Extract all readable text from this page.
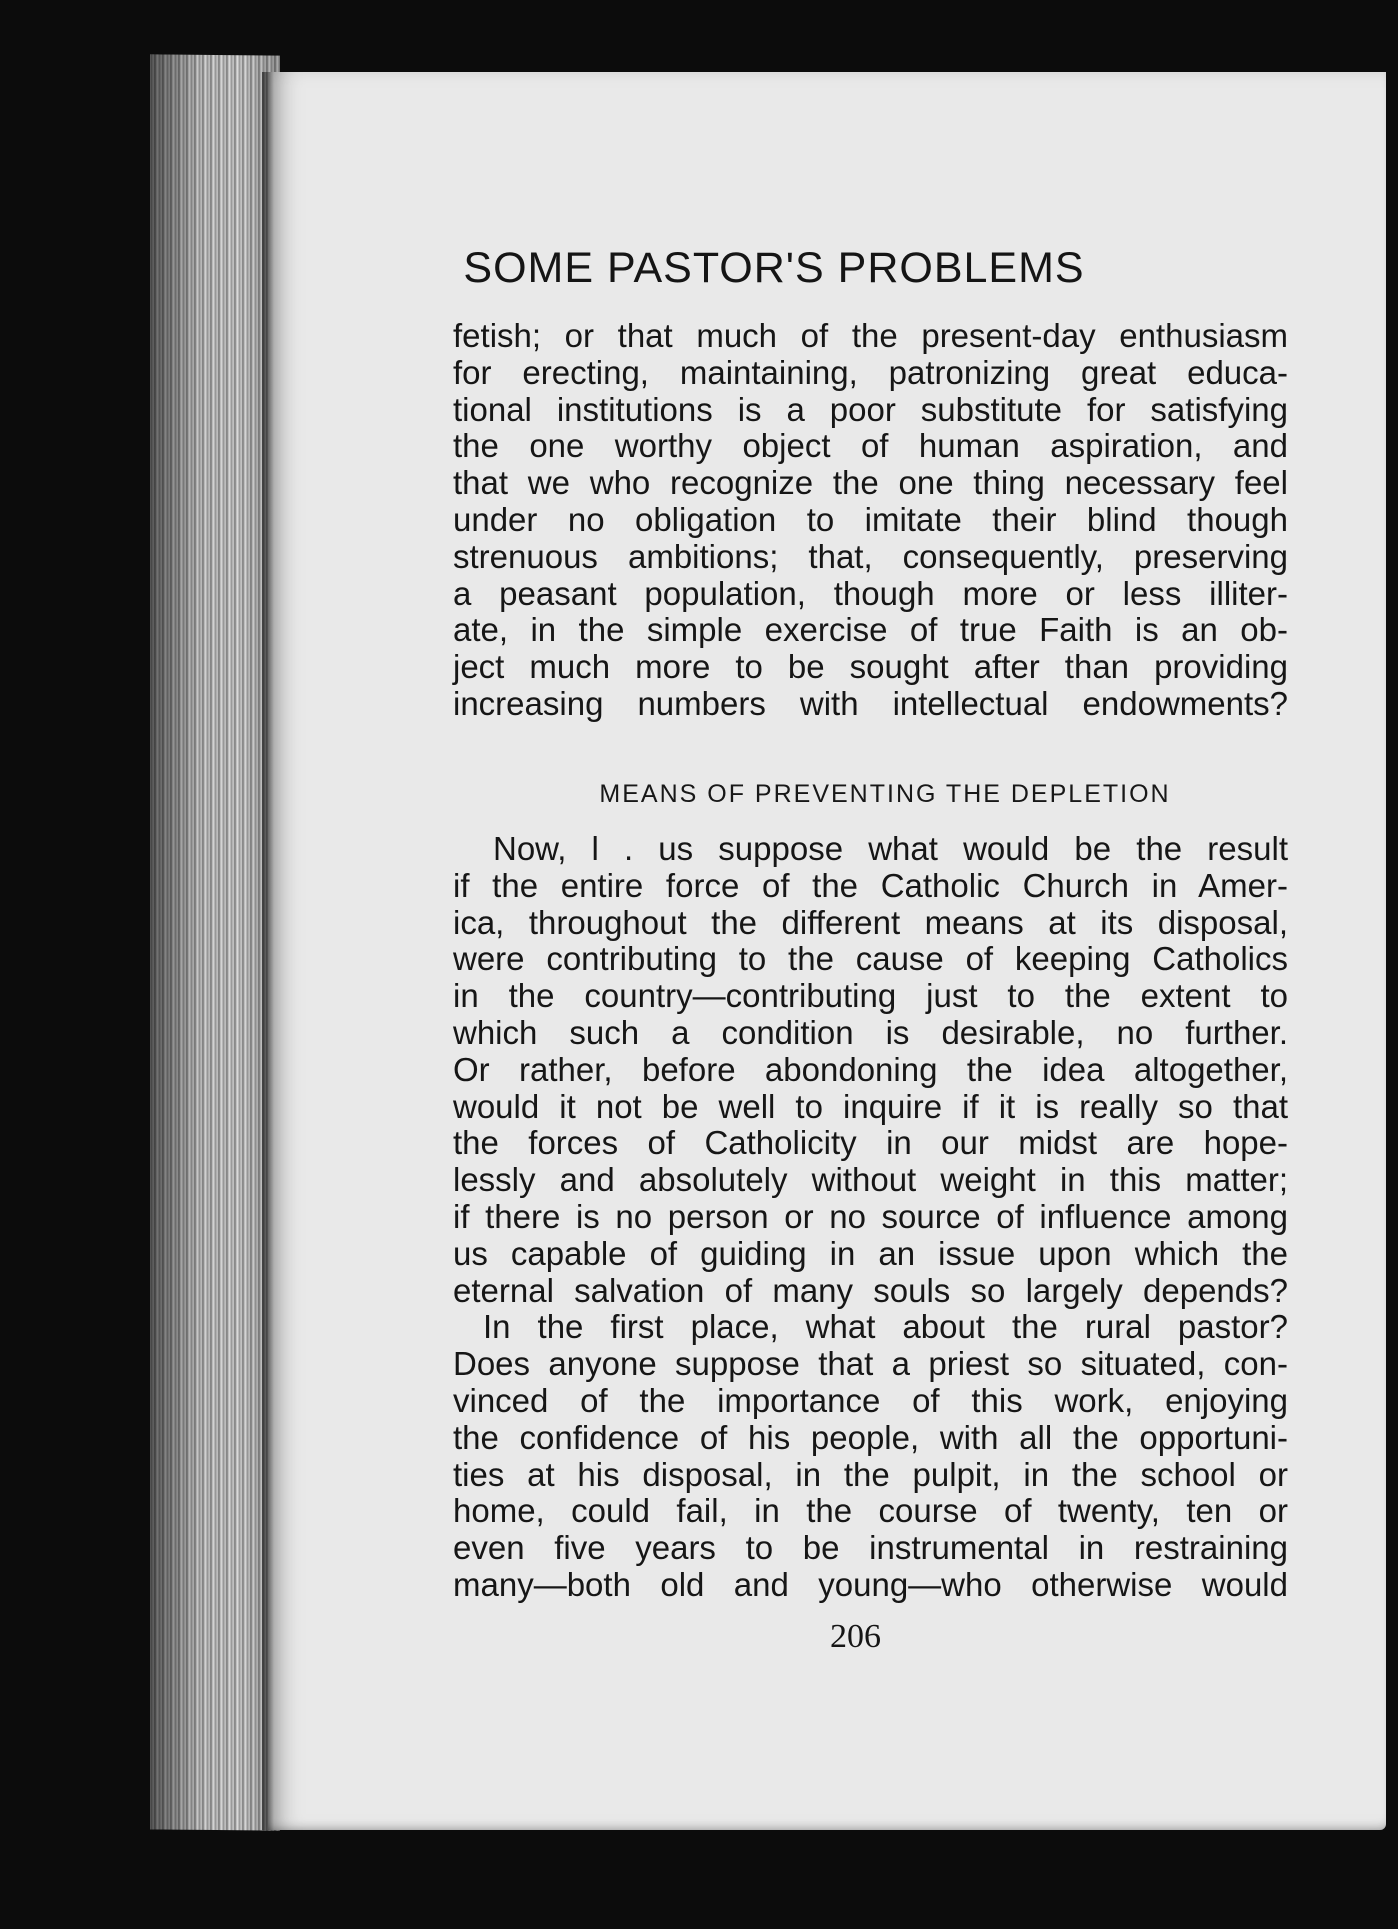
SOME PASTOR'S PROBLEMS
fetish; or that much of the present-day enthusiasm
for erecting, maintaining, patronizing great educa-
tional institutions is a poor substitute for satisfying
the one worthy object of human aspiration, and
that we who recognize the one thing necessary feel
under no obligation to imitate their blind though
strenuous ambitions; that, consequently, preserving
a peasant population, though more or less illiter-
ate, in the simple exercise of true Faith is an ob-
ject much more to be sought after than providing
increasing numbers with intellectual endowments?
MEANS OF PREVENTING THE DEPLETION
Now, l . us suppose what would be the result
if the entire force of the Catholic Church in Amer-
ica, throughout the different means at its disposal,
were contributing to the cause of keeping Catholics
in the country—contributing just to the extent to
which such a condition is desirable, no further.
Or rather, before abondoning the idea altogether,
would it not be well to inquire if it is really so that
the forces of Catholicity in our midst are hope-
lessly and absolutely without weight in this matter;
if there is no person or no source of influence among
us capable of guiding in an issue upon which the
eternal salvation of many souls so largely depends?
In the first place, what about the rural pastor?
Does anyone suppose that a priest so situated, con-
vinced of the importance of this work, enjoying
the confidence of his people, with all the opportuni-
ties at his disposal, in the pulpit, in the school or
home, could fail, in the course of twenty, ten or
even five years to be instrumental in restraining
many—both old and young—who otherwise would
206
